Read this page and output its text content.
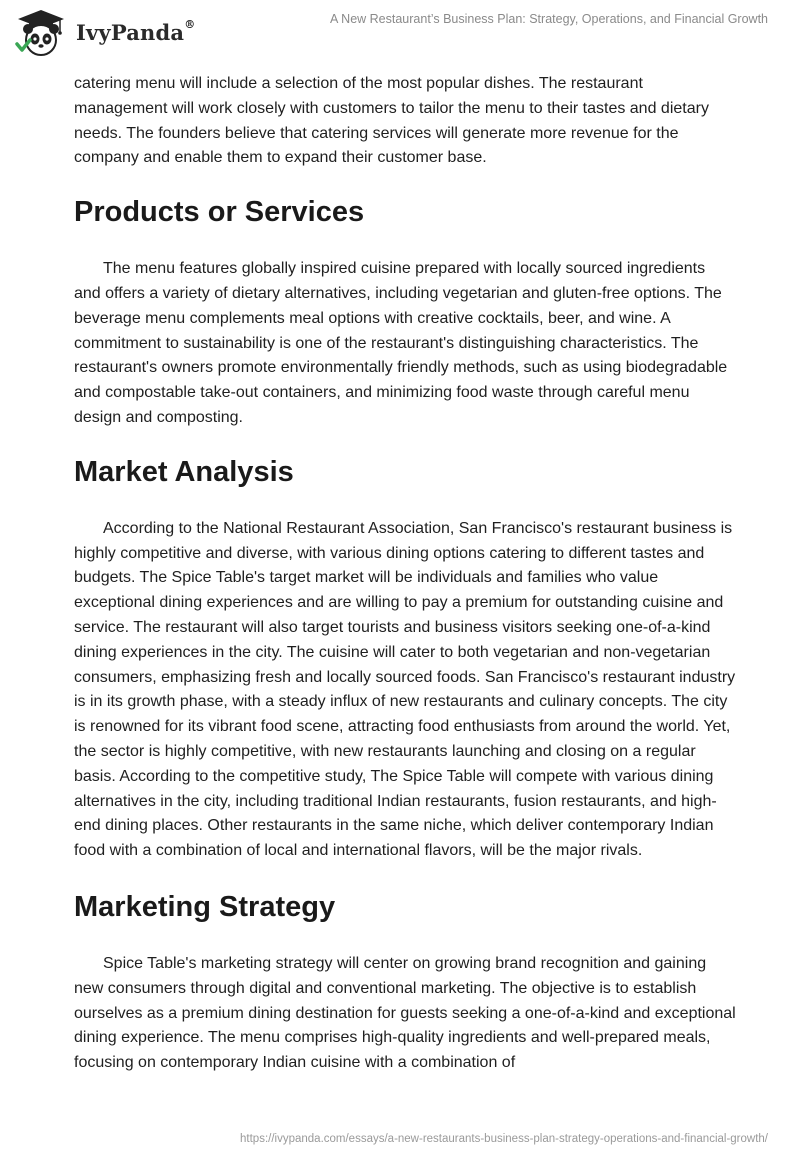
IvyPanda®	A New Restaurant’s Business Plan: Strategy, Operations, and Financial Growth

catering menu will include a selection of the most popular dishes. The restaurant management will work closely with customers to tailor the menu to their tastes and dietary needs. The founders believe that catering services will generate more revenue for the company and enable them to expand their customer base.

Products or Services

The menu features globally inspired cuisine prepared with locally sourced ingredients and offers a variety of dietary alternatives, including vegetarian and gluten-free options. The beverage menu complements meal options with creative cocktails, beer, and wine. A commitment to sustainability is one of the restaurant's distinguishing characteristics. The restaurant's owners promote environmentally friendly methods, such as using biodegradable and compostable take-out containers, and minimizing food waste through careful menu design and composting.

Market Analysis

According to the National Restaurant Association, San Francisco's restaurant business is highly competitive and diverse, with various dining options catering to different tastes and budgets. The Spice Table's target market will be individuals and families who value exceptional dining experiences and are willing to pay a premium for outstanding cuisine and service. The restaurant will also target tourists and business visitors seeking one-of-a-kind dining experiences in the city. The cuisine will cater to both vegetarian and non-vegetarian consumers, emphasizing fresh and locally sourced foods. San Francisco's restaurant industry is in its growth phase, with a steady influx of new restaurants and culinary concepts. The city is renowned for its vibrant food scene, attracting food enthusiasts from around the world. Yet, the sector is highly competitive, with new restaurants launching and closing on a regular basis. According to the competitive study, The Spice Table will compete with various dining alternatives in the city, including traditional Indian restaurants, fusion restaurants, and high-end dining places. Other restaurants in the same niche, which deliver contemporary Indian food with a combination of local and international flavors, will be the major rivals.

Marketing Strategy

Spice Table's marketing strategy will center on growing brand recognition and gaining new consumers through digital and conventional marketing. The objective is to establish ourselves as a premium dining destination for guests seeking a one-of-a-kind and exceptional dining experience. The menu comprises high-quality ingredients and well-prepared meals, focusing on contemporary Indian cuisine with a combination of

https://ivypanda.com/essays/a-new-restaurants-business-plan-strategy-operations-and-financial-growth/
